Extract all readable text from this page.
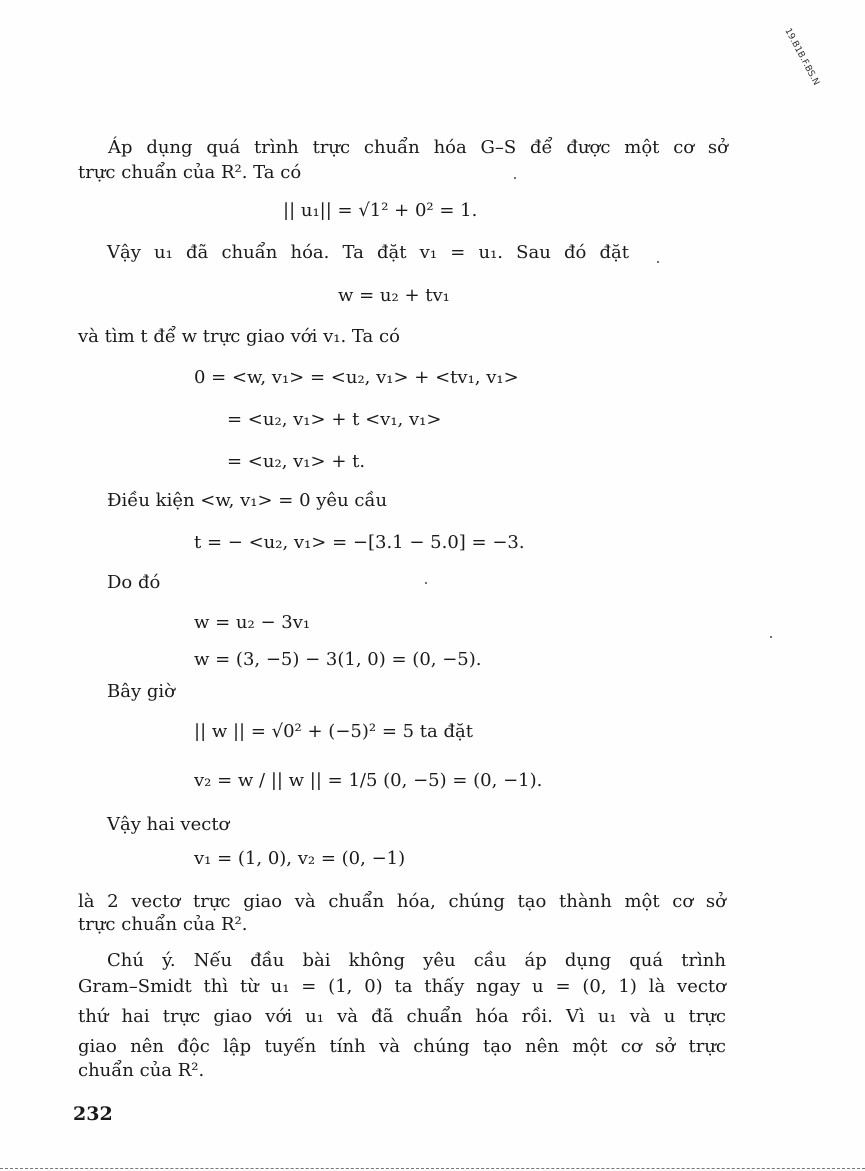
19.B1B.F.BS.N
Áp dụng quá trình trực chuẩn hóa G–S để được một cơ sở
trực chuẩn của R². Ta có
|| u₁|| = √1² + 0² = 1.
Vậy u₁ đã chuẩn hóa. Ta đặt v₁ = u₁. Sau đó đặt
w = u₂ + tv₁
và tìm t để w trực giao với v₁. Ta có
0 = <w, v₁> = <u₂, v₁> + <tv₁, v₁>
= <u₂, v₁> + t <v₁, v₁>
= <u₂, v₁> + t.
Điều kiện <w, v₁> = 0 yêu cầu
t = − <u₂, v₁> = −[3.1 − 5.0] = −3.
Do đó
w = u₂ − 3v₁
w = (3, −5) − 3(1, 0) = (0, −5).
Bây giờ
|| w || = √0² + (−5)² = 5 ta đặt
v₂ = w / || w || = 1/5 (0, −5) = (0, −1).
Vậy hai vectơ
v₁ = (1, 0), v₂ = (0, −1)
là 2 vectơ trực giao và chuẩn hóa, chúng tạo thành một cơ sở
trực chuẩn của R².
Chú ý. Nếu đầu bài không yêu cầu áp dụng quá trình
Gram–Smidt thì từ u₁ = (1, 0) ta thấy ngay u = (0, 1) là vectơ
thứ hai trực giao với u₁ và đã chuẩn hóa rồi. Vì u₁ và u trực
giao nên độc lập tuyến tính và chúng tạo nên một cơ sở trực
chuẩn của R².
232
